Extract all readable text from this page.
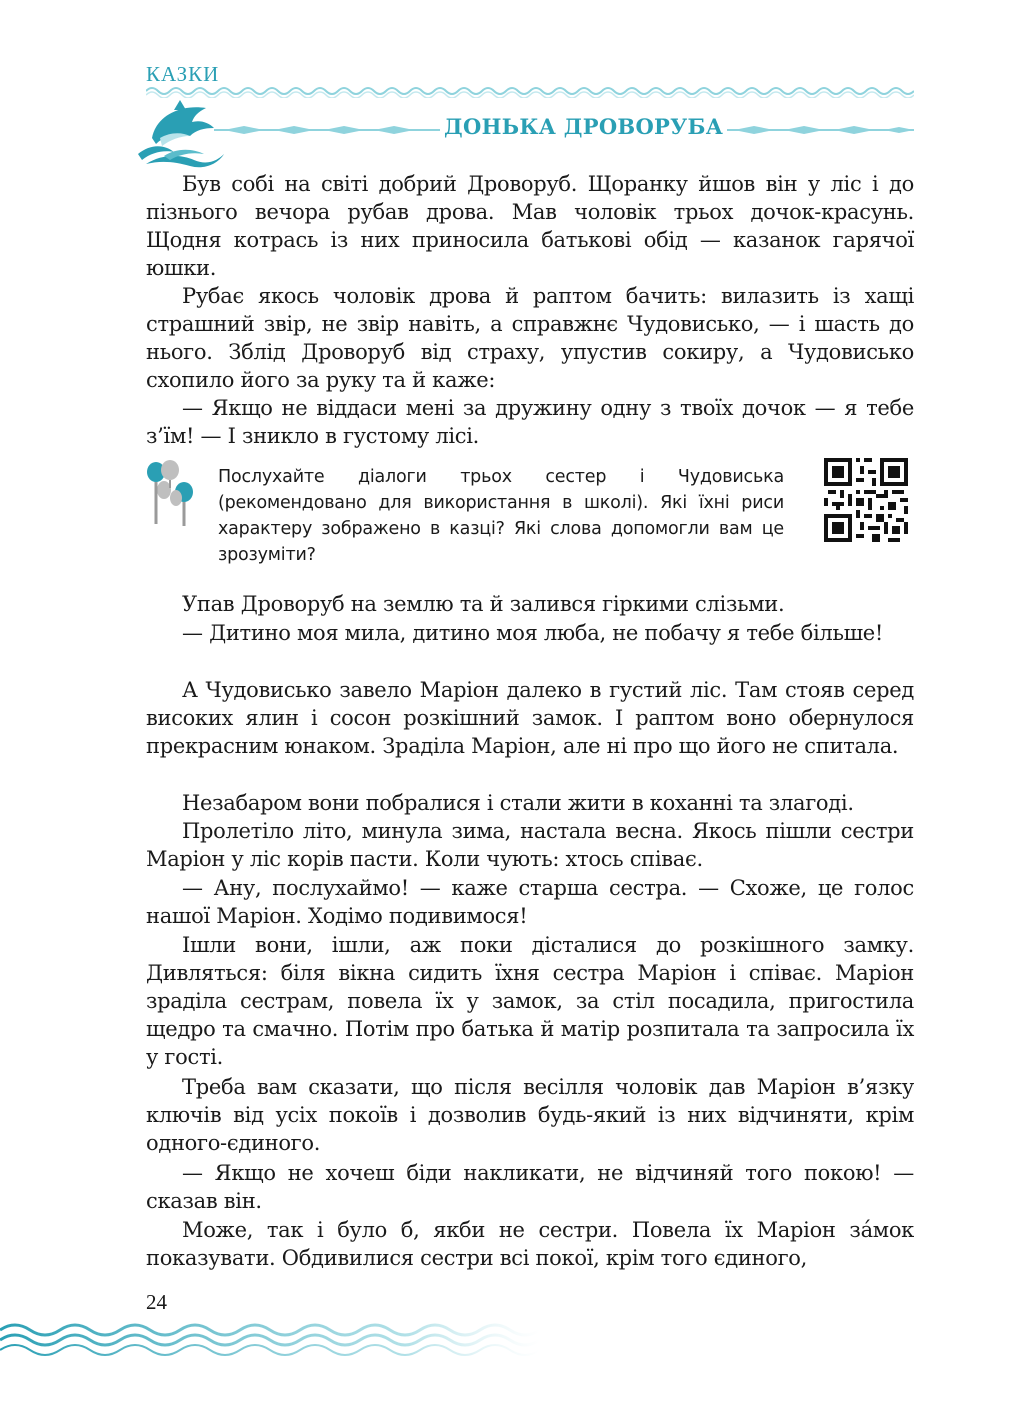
КАЗКИ
ДОНЬКА ДРОВОРУБА

Був собі на світі добрий Дроворуб. Щоранку йшов він у ліс і до пізнього вечора рубав дрова. Мав чоловік трьох дочок-красунь. Щодня котрась із них приносила батькові обід — казанок гарячої юшки.

Рубає якось чоловік дрова й раптом бачить: вилазить із хащі страшний звір, не звір навіть, а справжнє Чудовисько, — і шасть до нього. Зблід Дроворуб від страху, упустив сокиру, а Чудовисько схопило його за руку та й каже:

— Якщо не віддаси мені за дружину одну з твоїх дочок — я тебе з’їм! — І зникло в густому лісі.

Послухайте діалоги трьох сестер і Чудовиська (рекомендовано для використання в школі). Які їхні риси характеру зображено в казці? Які слова допомогли вам це зрозуміти?

Упав Дроворуб на землю та й залився гіркими слізьми.

— Дитино моя мила, дитино моя люба, не побачу я тебе більше!

А Чудовисько завело Маріон далеко в густий ліс. Там стояв серед високих ялин і сосон розкішний замок. І раптом воно обернулося прекрасним юнаком. Зраділа Маріон, але ні про що його не спитала.

Незабаром вони побралися і стали жити в коханні та злагоді.

Пролетіло літо, минула зима, настала весна. Якось пішли сестри Маріон у ліс корів пасти. Коли чують: хтось співає.

— Ану, послухаймо! — каже старша сестра. — Схоже, це голос нашої Маріон. Ходімо подивимося!

Ішли вони, ішли, аж поки дісталися до розкішного замку. Дивляться: біля вікна сидить їхня сестра Маріон і співає. Маріон зраділа сестрам, повела їх у замок, за стіл посадила, пригостила щедро та смачно. Потім про батька й матір розпитала та запросила їх у гості.

Треба вам сказати, що після весілля чоловік дав Маріон в’язку ключів від усіх покоїв і дозволив будь-який із них відчиняти, крім одного-єдиного.

— Якщо не хочеш біди накликати, не відчиняй того покою! — сказав він.

Може, так і було б, якби не сестри. Повела їх Маріон за́мок показувати. Обдивилися сестри всі покої, крім того єдиного,

24
